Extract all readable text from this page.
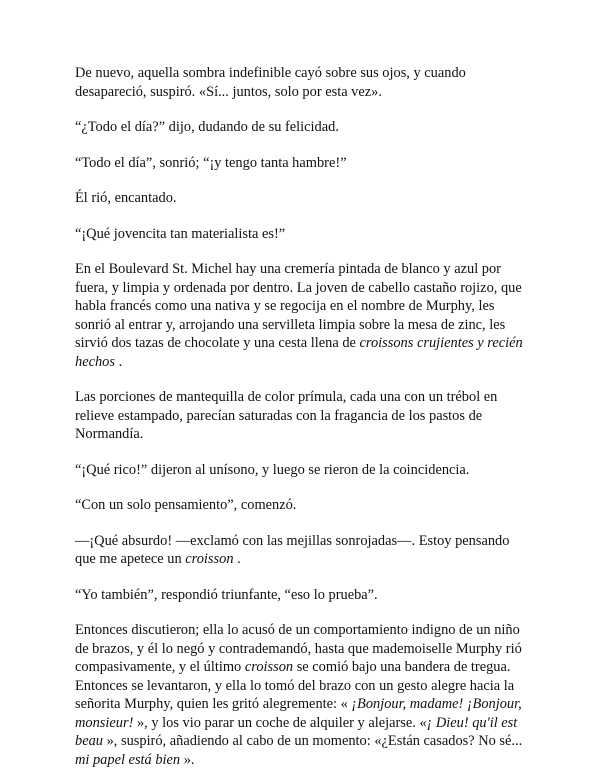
De nuevo, aquella sombra indefinible cayó sobre sus ojos, y cuando desapareció, suspiró. «Sí... juntos, solo por esta vez».

“¿Todo el día?” dijo, dudando de su felicidad.

“Todo el día”, sonrió; “¡y tengo tanta hambre!”

Él rió, encantado.

“¡Qué jovencita tan materialista es!”

En el Boulevard St. Michel hay una cremería pintada de blanco y azul por fuera, y limpia y ordenada por dentro. La joven de cabello castaño rojizo, que habla francés como una nativa y se regocija en el nombre de Murphy, les sonrió al entrar y, arrojando una servilleta limpia sobre la mesa de zinc, les sirvió dos tazas de chocolate y una cesta llena de croissons crujientes y recién hechos .

Las porciones de mantequilla de color prímula, cada una con un trébol en relieve estampado, parecían saturadas con la fragancia de los pastos de Normandía.

“¡Qué rico!” dijeron al unísono, y luego se rieron de la coincidencia.

“Con un solo pensamiento”, comenzó.

—¡Qué absurdo! —exclamó con las mejillas sonrojadas—. Estoy pensando que me apetece un croisson .

“Yo también”, respondió triunfante, “eso lo prueba”.

Entonces discutieron; ella lo acusó de un comportamiento indigno de un niño de brazos, y él lo negó y contrademandó, hasta que mademoiselle Murphy rió compasivamente, y el último croisson se comió bajo una bandera de tregua. Entonces se levantaron, y ella lo tomó del brazo con un gesto alegre hacia la señorita Murphy, quien les gritó alegremente: « ¡Bonjour, madame! ¡Bonjour, monsieur! », y los vio parar un coche de alquiler y alejarse. «¡ Dieu! qu'il est beau », suspiró, añadiendo al cabo de un momento: «¿Están casados? No sé... mi papel está bien ».
